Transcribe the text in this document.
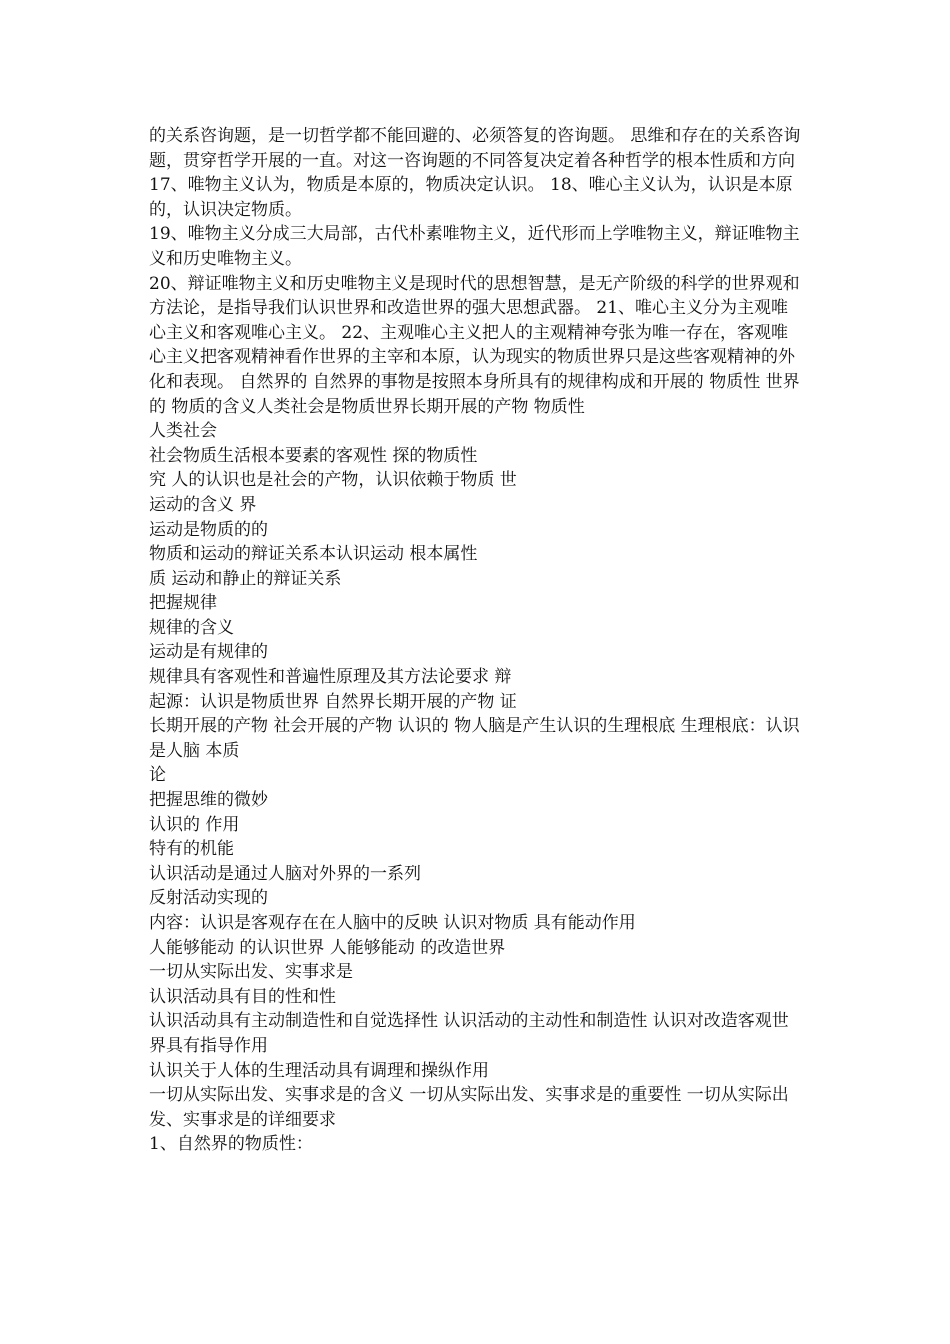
的关系咨询题，是一切哲学都不能回避的、必须答复的咨询题。 思维和存在的关系咨询题，贯穿哲学开展的一直。对这一咨询题的不同答复决定着各种哲学的根本性质和方向

17、唯物主义认为，物质是本原的，物质决定认识。 18、唯心主义认为，认识是本原的，认识决定物质。

19、唯物主义分成三大局部，古代朴素唯物主义，近代形而上学唯物主义，辩证唯物主义和历史唯物主义。

20、辩证唯物主义和历史唯物主义是现时代的思想智慧，是无产阶级的科学的世界观和方法论，是指导我们认识世界和改造世界的强大思想武器。 21、唯心主义分为主观唯心主义和客观唯心主义。 22、主观唯心主义把人的主观精神夸张为唯一存在，客观唯心主义把客观精神看作世界的主宰和本原，认为现实的物质世界只是这些客观精神的外化和表现。 自然界的 自然界的事物是按照本身所具有的规律构成和开展的 物质性 世界的 物质的含义人类社会是物质世界长期开展的产物 物质性

人类社会

社会物质生活根本要素的客观性 探的物质性

究 人的认识也是社会的产物，认识依赖于物质 世

运动的含义 界

运动是物质的的

物质和运动的辩证关系本认识运动 根本属性

质 运动和静止的辩证关系

把握规律

规律的含义

运动是有规律的

规律具有客观性和普遍性原理及其方法论要求 辩

起源：认识是物质世界 自然界长期开展的产物 证

长期开展的产物 社会开展的产物 认识的 物人脑是产生认识的生理根底 生理根底：认识是人脑 本质

论

把握思维的微妙

认识的 作用

特有的机能

认识活动是通过人脑对外界的一系列

反射活动实现的

内容：认识是客观存在在人脑中的反映 认识对物质 具有能动作用

人能够能动 的认识世界 人能够能动 的改造世界

一切从实际出发、实事求是

认识活动具有目的性和性

认识活动具有主动制造性和自觉选择性 认识活动的主动性和制造性 认识对改造客观世界具有指导作用

认识关于人体的生理活动具有调理和操纵作用

一切从实际出发、实事求是的含义 一切从实际出发、实事求是的重要性 一切从实际出发、实事求是的详细要求

1、自然界的物质性：
